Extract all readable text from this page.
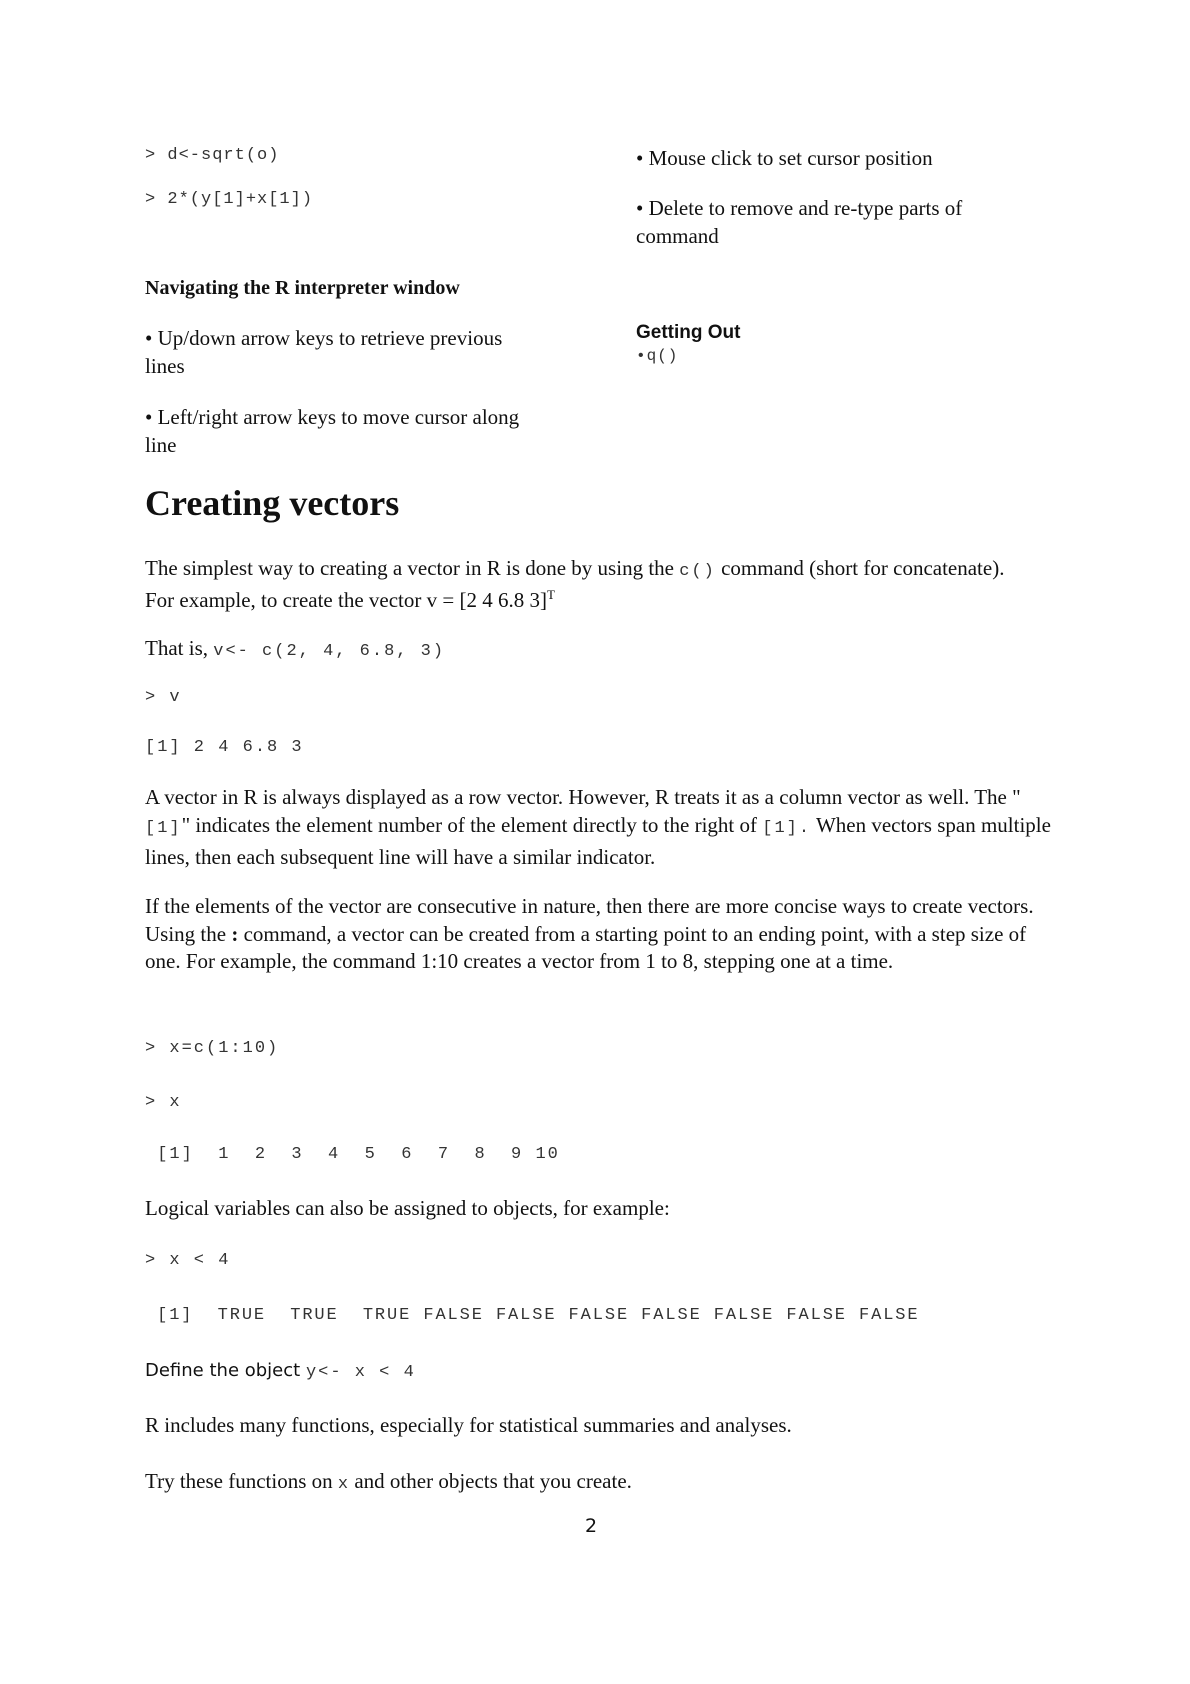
> d<-sqrt(o)
> 2*(y[1]+x[1])
• Mouse click to set cursor position
• Delete to remove and re-type parts of command
Navigating the R interpreter window
• Up/down arrow keys to retrieve previous lines
• Left/right arrow keys to move cursor along line
Getting Out
•q()
Creating vectors
The simplest way to creating a vector in R is done by using the c() command (short for concatenate).
For example, to create the vector v = [2 4 6.8 3]$^T$
That is, v<- c(2, 4, 6.8, 3)
> v
[1] 2 4 6.8 3
A vector in R is always displayed as a row vector. However, R treats it as a column vector as well. The "[1]" indicates the element number of the element directly to the right of [1]. When vectors span multiple lines, then each subsequent line will have a similar indicator.
If the elements of the vector are consecutive in nature, then there are more concise ways to create vectors. Using the : command, a vector can be created from a starting point to an ending point, with a step size of one. For example, the command 1:10 creates a vector from 1 to 8, stepping one at a time.
> x=c(1:10)
> x
[1]  1  2  3  4  5  6  7  8  9 10
Logical variables can also be assigned to objects, for example:
> x < 4
[1]  TRUE  TRUE  TRUE FALSE FALSE FALSE FALSE FALSE FALSE FALSE
Define the object y<- x < 4
R includes many functions, especially for statistical summaries and analyses.
Try these functions on x and other objects that you create.
2
